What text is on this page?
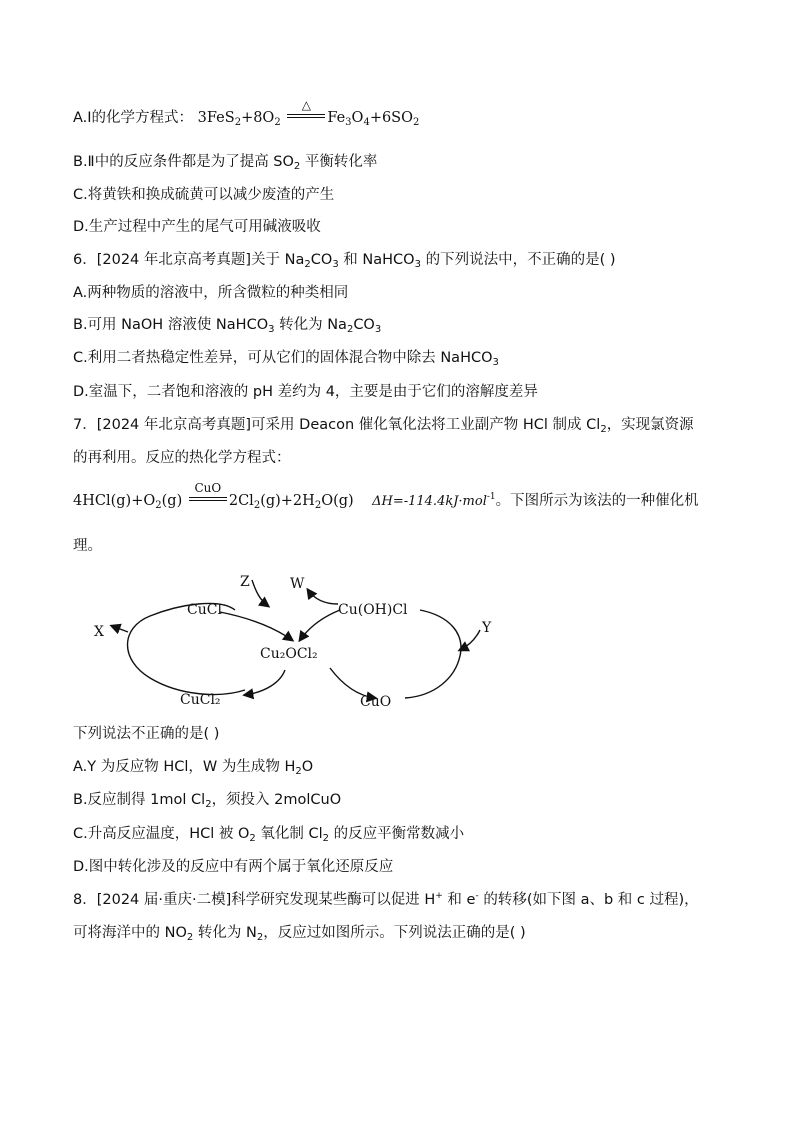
A.Ⅰ的化学方程式： $3FeS_2+8O_2$
△
$Fe_3O_4+6SO_2$
B.Ⅱ中的反应条件都是为了提高 $SO_2$ 平衡转化率
C.将黄铁和换成硫黄可以减少废渣的产生
D.生产过程中产生的尾气可用碱液吸收
6．[2024 年北京高考真题]关于 $Na_2CO_3$ 和 NaHCO$_3$ 的下列说法中，不正确的是( )
A.两种物质的溶液中，所含微粒的种类相同
B.可用 NaOH 溶液使 NaHCO$_3$ 转化为 $Na_2CO_3$
C.利用二者热稳定性差异，可从它们的固体混合物中除去 NaHCO$_3$
D.室温下，二者饱和溶液的 pH 差约为 4，主要是由于它们的溶解度差异
7．[2024 年北京高考真题]可采用 Deacon 催化氧化法将工业副产物 HCl 制成 $Cl_2$，实现氯资源
的再利用。反应的热化学方程式：
$4HCl(g)+O_2(g)$
CuO
$2Cl_2(g)+2H_2O(g)$ ΔH=-114.4kJ·mol$^{-1}$。下图所示为该法的一种催化机
理。
CuCl	Cu(OH)Cl
Cu₂OCl₂
CuCl₂	CuO
X	Y
Z	W
下列说法不正确的是( )
A.Y 为反应物 HCl，W 为生成物 $H_2O$
B.反应制得 1mol $Cl_2$，须投入 2molCuO
C.升高反应温度，HCl 被 $O_2$ 氧化制 $Cl_2$ 的反应平衡常数减小
D.图中转化涉及的反应中有两个属于氧化还原反应
8．[2024 届·重庆·二模]科学研究发现某些酶可以促进 H+ 和 e- 的转移(如下图 a、b 和 c 过程)，
可将海洋中的 $NO_2$ 转化为 $N_2$，反应过如图所示。下列说法正确的是( )
